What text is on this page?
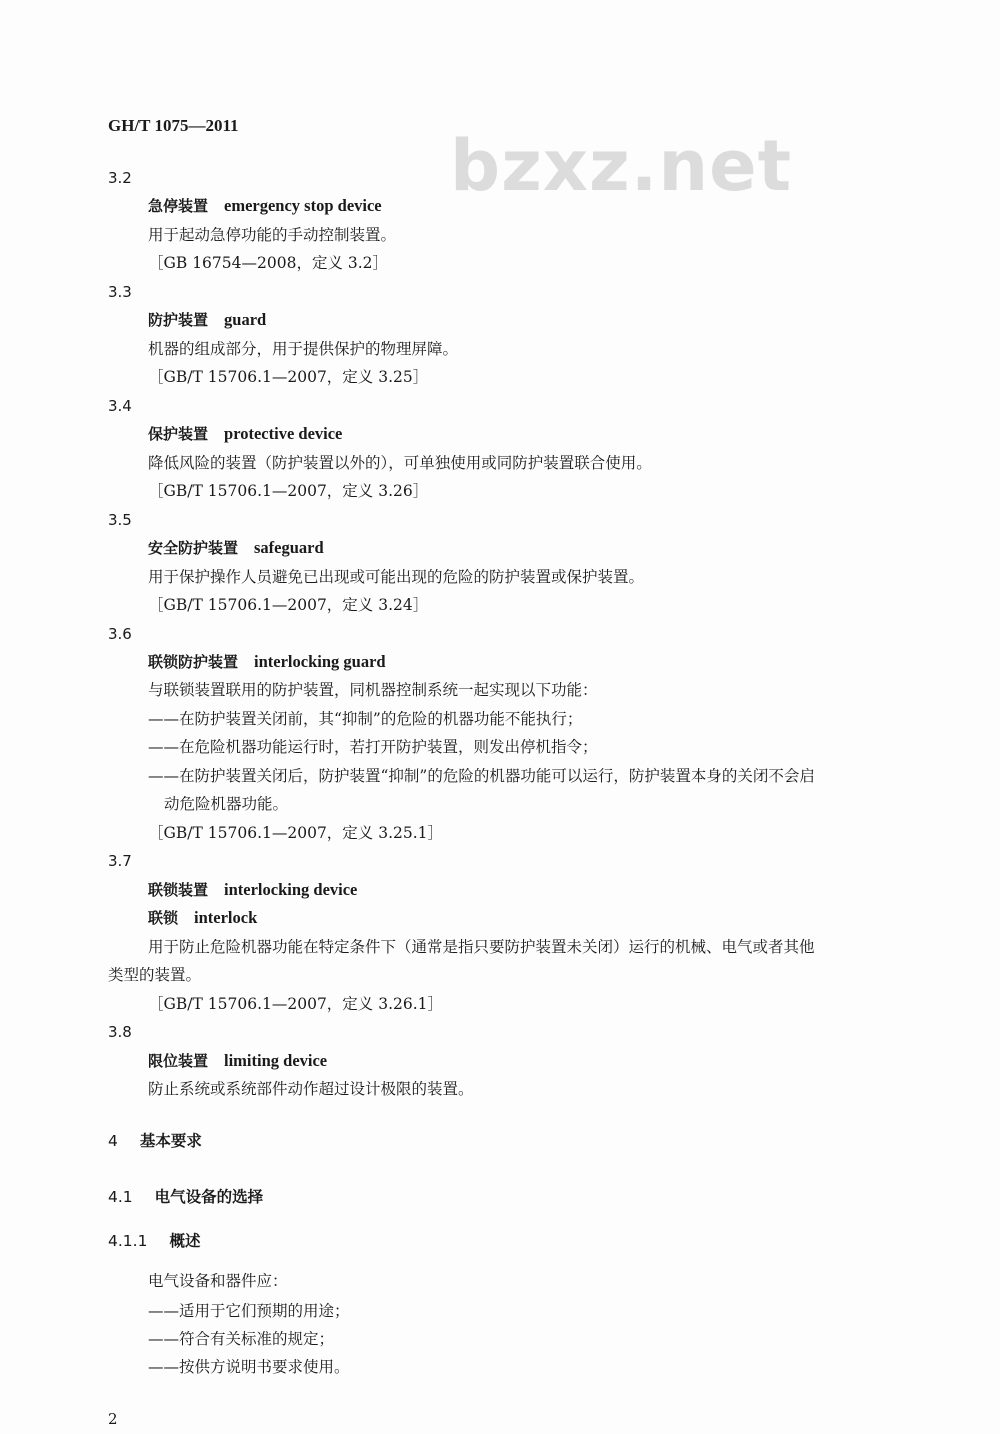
GH/T 1075—2011	bzxz.net
3.2
急停装置 emergency stop device
用于起动急停功能的手动控制装置。
［GB 16754—2008，定义 3.2］
3.3
防护装置 guard
机器的组成部分，用于提供保护的物理屏障。
［GB/T 15706.1—2007，定义 3.25］
3.4
保护装置 protective device
降低风险的装置（防护装置以外的），可单独使用或同防护装置联合使用。
［GB/T 15706.1—2007，定义 3.26］
3.5
安全防护装置 safeguard
用于保护操作人员避免已出现或可能出现的危险的防护装置或保护装置。
［GB/T 15706.1—2007，定义 3.24］
3.6
联锁防护装置 interlocking guard
与联锁装置联用的防护装置，同机器控制系统一起实现以下功能：
——在防护装置关闭前，其“抑制”的危险的机器功能不能执行；
——在危险机器功能运行时，若打开防护装置，则发出停机指令；
——在防护装置关闭后，防护装置“抑制”的危险的机器功能可以运行，防护装置本身的关闭不会启
动危险机器功能。
［GB/T 15706.1—2007，定义 3.25.1］
3.7
联锁装置 interlocking device
联锁 interlock
用于防止危险机器功能在特定条件下（通常是指只要防护装置未关闭）运行的机械、电气或者其他
类型的装置。
［GB/T 15706.1—2007，定义 3.26.1］
3.8
限位装置 limiting device
防止系统或系统部件动作超过设计极限的装置。
4 基本要求
4.1 电气设备的选择
4.1.1 概述
电气设备和器件应：
——适用于它们预期的用途；
——符合有关标准的规定；
——按供方说明书要求使用。
2
